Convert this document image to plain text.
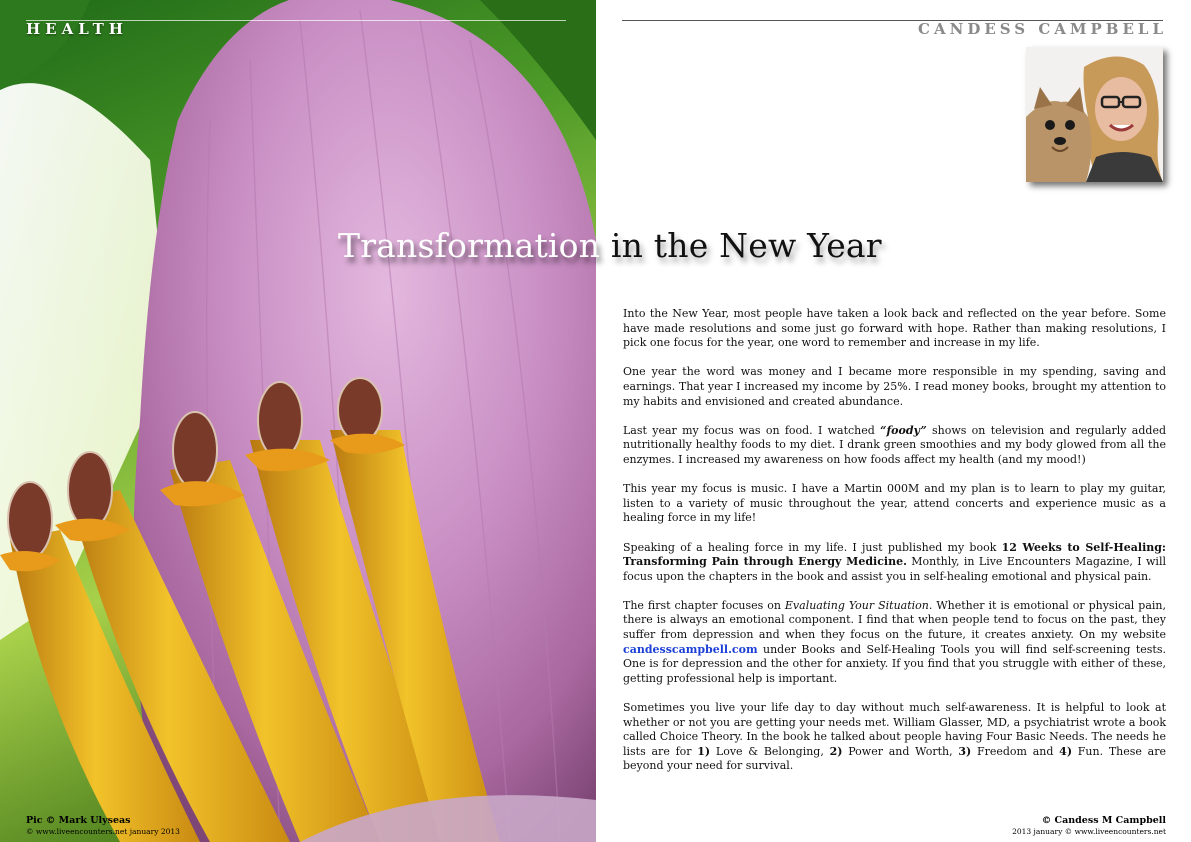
HEALTH
Pic © Mark Ulyseas
© www.liveencounters.net january 2013
CANDESS CAMPBELL
Transformation in the New Year

Into the New Year, most people have taken a look back and reflected on the year before. Some have made resolutions and some just go forward with hope. Rather than making resolutions, I pick one focus for the year, one word to remember and increase in my life.

One year the word was money and I became more responsible in my spending, saving and earnings. That year I increased my income by 25%. I read money books, brought my attention to my habits and envisioned and created abundance.

Last year my focus was on food. I watched “foody” shows on television and regularly added nutritionally healthy foods to my diet. I drank green smoothies and my body glowed from all the enzymes. I increased my awareness on how foods affect my health (and my mood!)

This year my focus is music. I have a Martin 000M and my plan is to learn to play my guitar, listen to a variety of music throughout the year, attend concerts and experience music as a healing force in my life!

Speaking of a healing force in my life. I just published my book 12 Weeks to Self-Healing: Transforming Pain through Energy Medicine. Monthly, in Live Encounters Magazine, I will focus upon the chapters in the book and assist you in self-healing emotional and physical pain.

The first chapter focuses on Evaluating Your Situation. Whether it is emotional or physical pain, there is always an emotional component. I find that when people tend to focus on the past, they suffer from depression and when they focus on the future, it creates anxiety. On my website candesscampbell.com under Books and Self-Healing Tools you will find self-screening tests. One is for depression and the other for anxiety. If you find that you struggle with either of these, getting professional help is important.

Sometimes you live your life day to day without much self-awareness. It is helpful to look at whether or not you are getting your needs met. William Glasser, MD, a psychiatrist wrote a book called Choice Theory. In the book he talked about people having Four Basic Needs. The needs he lists are for 1) Love & Belonging, 2) Power and Worth, 3) Freedom and 4) Fun. These are beyond your need for survival.

© Candess M Campbell
2013 january © www.liveencounters.net
